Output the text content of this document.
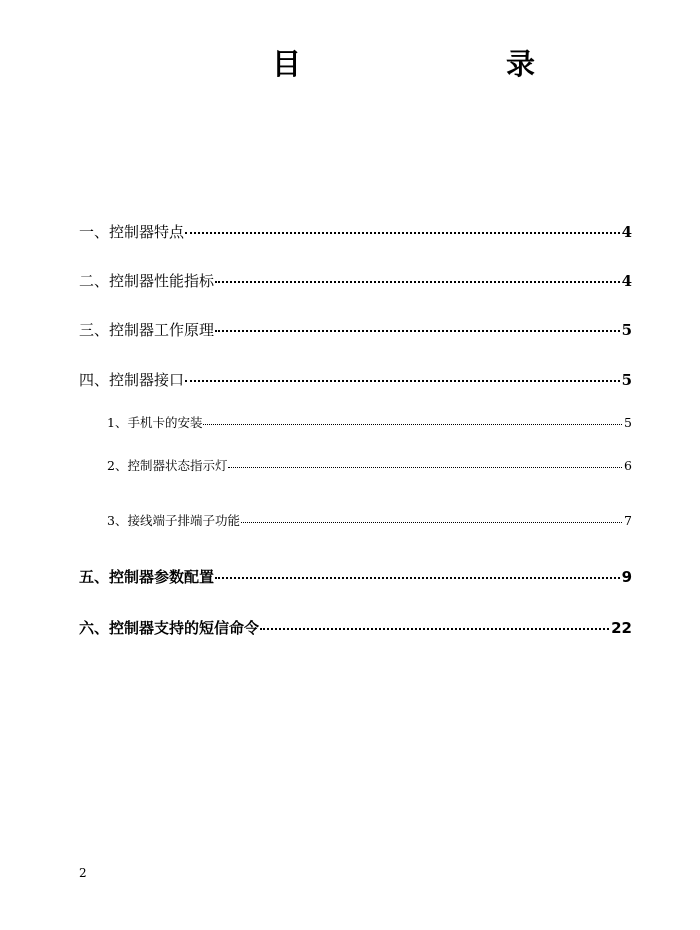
目	录
一、控制器特点	4
二、控制器性能指标	4
三、控制器工作原理	5
四、控制器接口	5
1、手机卡的安装	5
2、控制器状态指示灯	6
3、接线端子排端子功能	7
五、控制器参数配置	9
六、控制器支持的短信命令	22
2
